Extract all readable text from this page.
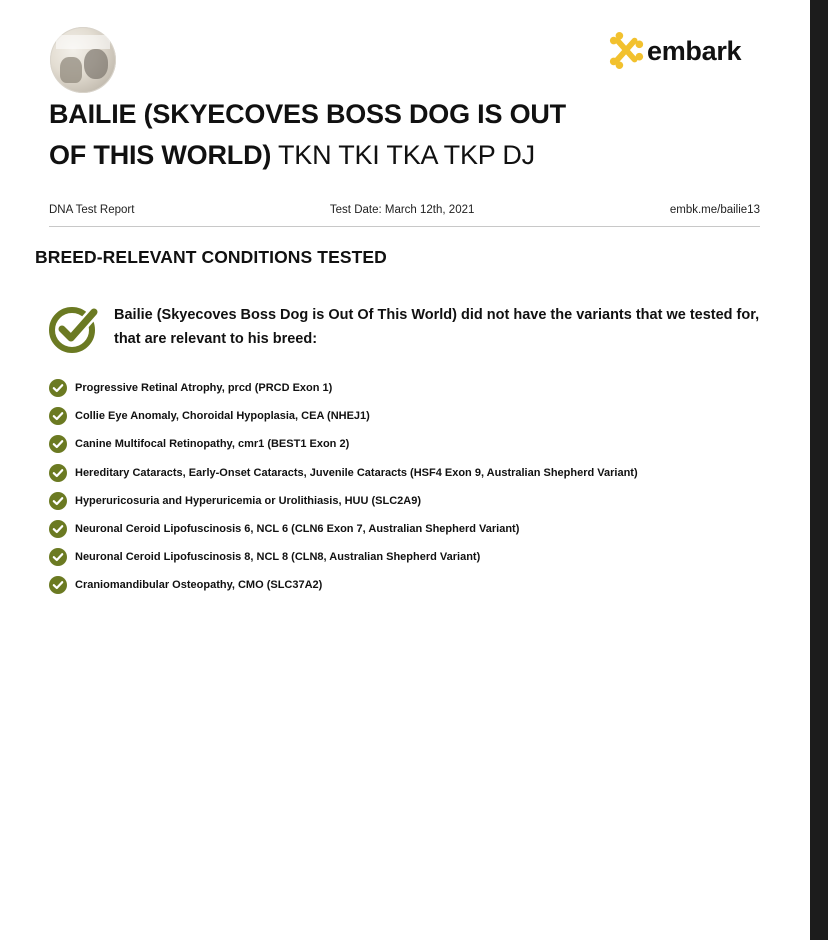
embark
BAILIE (SKYECOVES BOSS DOG IS OUT OF THIS WORLD) TKN TKI TKA TKP DJ
DNA Test Report	Test Date: March 12th, 2021	embk.me/bailie13
BREED-RELEVANT CONDITIONS TESTED
Bailie (Skyecoves Boss Dog is Out Of This World) did not have the variants that we tested for, that are relevant to his breed:
Progressive Retinal Atrophy, prcd (PRCD Exon 1)
Collie Eye Anomaly, Choroidal Hypoplasia, CEA (NHEJ1)
Canine Multifocal Retinopathy, cmr1 (BEST1 Exon 2)
Hereditary Cataracts, Early-Onset Cataracts, Juvenile Cataracts (HSF4 Exon 9, Australian Shepherd Variant)
Hyperuricosuria and Hyperuricemia or Urolithiasis, HUU (SLC2A9)
Neuronal Ceroid Lipofuscinosis 6, NCL 6 (CLN6 Exon 7, Australian Shepherd Variant)
Neuronal Ceroid Lipofuscinosis 8, NCL 8 (CLN8, Australian Shepherd Variant)
Craniomandibular Osteopathy, CMO (SLC37A2)
